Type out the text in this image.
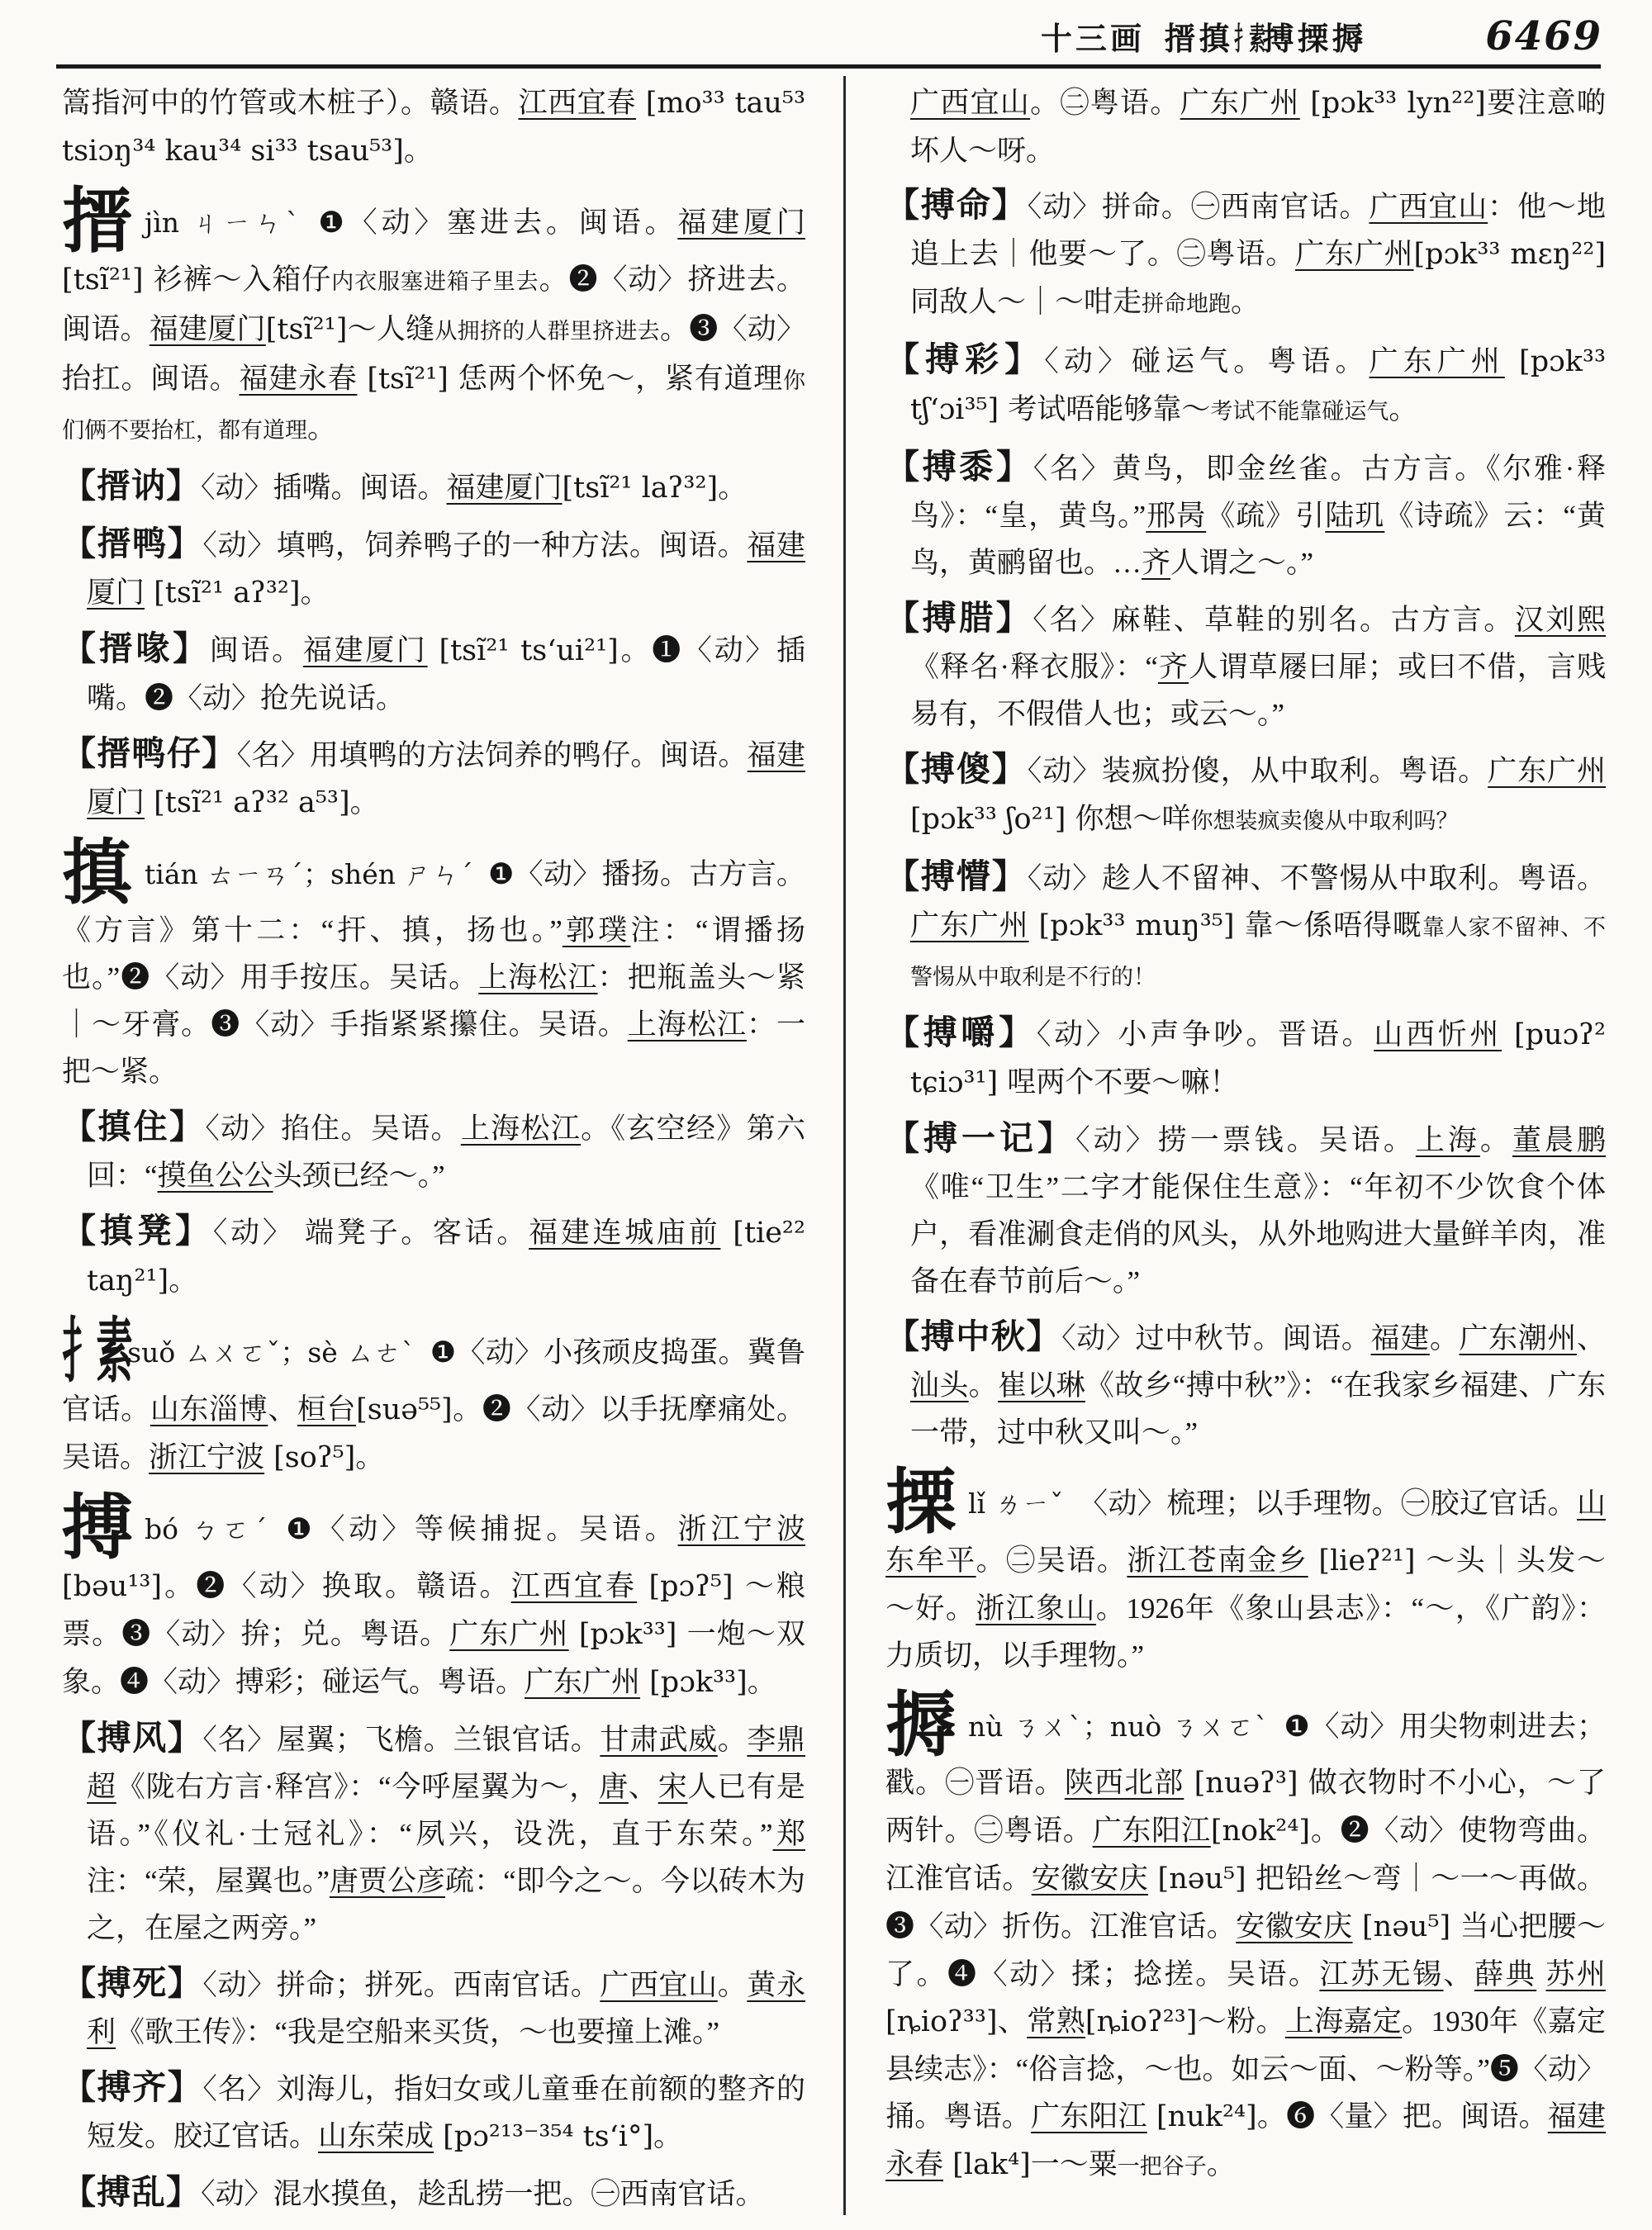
十三画 搢搷扌素搏搮搙	6469
篙指河中的竹管或木桩子）。赣语。江西宜春 [mo³³ tau⁵³ tsiɔŋ³⁴ kau³⁴ si³³ tsau⁵³]。
搢jìn ㄐㄧㄣˋ ❶〈动〉塞进去。闽语。福建厦门 [tsĩ²¹] 衫裤～入箱仔内衣服塞进箱子里去。❷〈动〉挤进去。闽语。福建厦门[tsĩ²¹]～人缝从拥挤的人群里挤进去。❸〈动〉抬扛。闽语。福建永春 [tsĩ²¹] 恁两个怀免～，紧有道理你们俩不要抬杠，都有道理。
【搢讷】〈动〉插嘴。闽语。福建厦门[tsĩ²¹ laʔ³²]。
【搢鸭】〈动〉填鸭，饲养鸭子的一种方法。闽语。福建厦门 [tsĩ²¹ aʔ³²]。
【搢喙】闽语。福建厦门 [tsĩ²¹ ts‘ui²¹]。❶〈动〉插嘴。❷〈动〉抢先说话。
【搢鸭仔】〈名〉用填鸭的方法饲养的鸭仔。闽语。福建厦门 [tsĩ²¹ aʔ³² a⁵³]。
搷tián ㄊㄧㄢˊ；shén ㄕㄣˊ ❶〈动〉播扬。古方言。《方言》第十二：“扞、搷，扬也。”郭璞注：“谓播扬也。”❷〈动〉用手按压。吴话。上海松江：把瓶盖头～紧｜～牙膏。❸〈动〉手指紧紧攥住。吴语。上海松江：一把～紧。
【搷住】〈动〉掐住。吴语。上海松江。《玄空经》第六回：“摸鱼公公头颈已经～。”
【搷凳】〈动〉 端凳子。客话。福建连城庙前 [tie²² taŋ²¹]。
扌素suǒ ㄙㄨㄛˇ；sè ㄙㄜˋ ❶〈动〉小孩顽皮捣蛋。冀鲁官话。山东淄博、桓台[suə⁵⁵]。❷〈动〉以手抚摩痛处。吴语。浙江宁波 [soʔ⁵]。
搏bó ㄅㄛˊ ❶〈动〉等候捕捉。吴语。浙江宁波[bəu¹³]。❷〈动〉换取。赣语。江西宜春 [pɔʔ⁵] ～粮票。❸〈动〉拚；兑。粤语。广东广州 [pɔk³³] 一炮～双象。❹〈动〉搏彩；碰运气。粤语。广东广州 [pɔk³³]。
【搏风】〈名〉屋翼；飞檐。兰银官话。甘肃武威。李鼎超《陇右方言·释宫》：“今呼屋翼为～，唐、宋人已有是语。”《仪礼·士冠礼》：“夙兴，设洗，直于东荣。”郑注：“荣，屋翼也。”唐贾公彦疏：“即今之～。今以砖木为之，在屋之两旁。”
【搏死】〈动〉拼命；拼死。西南官话。广西宜山。黄永利《歌王传》：“我是空船来买货，～也要撞上滩。”
【搏齐】〈名〉刘海儿，指妇女或儿童垂在前额的整齐的短发。胶辽官话。山东荣成 [pɔ²¹³⁻³⁵⁴ ts‘i°]。
【搏乱】〈动〉混水摸鱼，趁乱捞一把。㊀西南官话。
广西宜山。㊁粤语。广东广州 [pɔk³³ lyn²²]要注意啲坏人～呀。
【搏命】〈动〉拼命。㊀西南官话。广西宜山：他～地追上去｜他要～了。㊁粤语。广东广州[pɔk³³ mɛŋ²²] 同敌人～｜～咁走拼命地跑。
【搏彩】〈动〉碰运气。粤语。广东广州 [pɔk³³ tʃ‘ɔi³⁵] 考试唔能够靠～考试不能靠碰运气。
【搏黍】〈名〉黄鸟，即金丝雀。古方言。《尔雅·释鸟》：“皇，黄鸟。”邢昺《疏》引陆玑《诗疏》云：“黄鸟，黄鹂留也。…齐人谓之～。”
【搏腊】〈名〉麻鞋、草鞋的别名。古方言。汉刘熙《释名·释衣服》：“齐人谓草屦曰屝；或曰不借，言贱易有，不假借人也；或云～。”
【搏傻】〈动〉装疯扮傻，从中取利。粤语。广东广州 [pɔk³³ ʃo²¹] 你想～咩你想装疯卖傻从中取利吗？
【搏懵】〈动〉趁人不留神、不警惕从中取利。粤语。广东广州 [pɔk³³ muŋ³⁵] 靠～係唔得嘅靠人家不留神、不警惕从中取利是不行的！
【搏嚼】〈动〉小声争吵。晋语。山西忻州 [puɔʔ² tɕiɔ³¹] 㖏两个不要～嘛！
【搏一记】〈动〉捞一票钱。吴语。上海。董晨鹏《唯“卫生”二字才能保住生意》：“年初不少饮食个体户，看准涮食走俏的风头，从外地购进大量鲜羊肉，准备在春节前后～。”
【搏中秋】〈动〉过中秋节。闽语。福建。广东潮州、汕头。崔以琳《故乡“搏中秋”》：“在我家乡福建、广东一带，过中秋又叫～。”
搮lǐ ㄌㄧˇ 〈动〉梳理；以手理物。㊀胶辽官话。山东牟平。㊁吴语。浙江苍南金乡 [lieʔ²¹] ～头｜头发～～好。浙江象山。1926年《象山县志》：“～，《广韵》：力质切，以手理物。”
搙nù ㄋㄨˋ；nuò ㄋㄨㄛˋ ❶〈动〉用尖物刺进去；戳。㊀晋语。陕西北部 [nuəʔ³] 做衣物时不小心，～了两针。㊁粤语。广东阳江[nok²⁴]。❷〈动〉使物弯曲。江淮官话。安徽安庆 [nəu⁵] 把铅丝～弯｜～一～再做。❸〈动〉折伤。江淮官话。安徽安庆 [nəu⁵] 当心把腰～了。❹〈动〉揉；捻搓。吴语。江苏无锡、薛典 苏州[ȵioʔ³³]、常熟[ȵioʔ²³]～粉。上海嘉定。1930年《嘉定县续志》：“俗言捻，～也。如云～面、～粉等。”❺〈动〉捅。粤语。广东阳江 [nuk²⁴]。❻〈量〉把。闽语。福建永春 [lak⁴]一～粟一把谷子。
